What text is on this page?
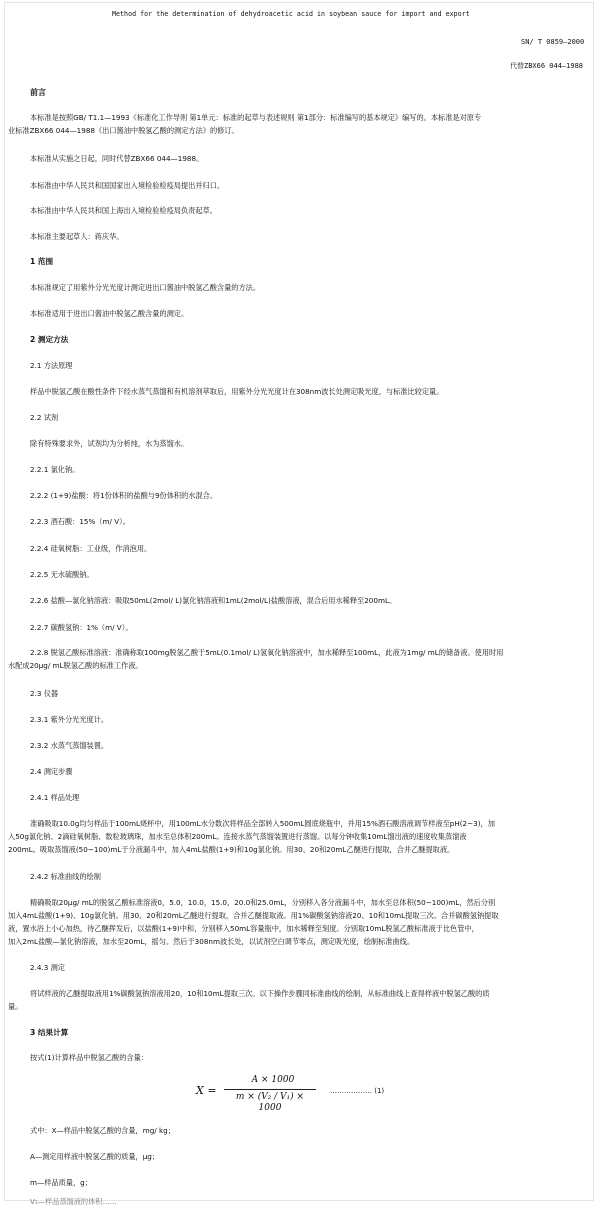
Method for the determination of dehydroacetic acid in soybean sauce for import and export
SN/ T 0859—2000
代替ZBX66 044—1988
前言
本标准是按照GB/ T1.1—1993《标准化工作导则 第1单元：标准的起草与表述规则 第1部分：标准编写的基本规定》编写的。本标准是对原专
业标准ZBX66 044—1988《出口酱油中脱氢乙酸的测定方法》的修订。
本标准从实施之日起，同时代替ZBX66 044—1988。
本标准由中华人民共和国国家出入境检验检疫局提出并归口。
本标准由中华人民共和国上海出入境检验检疫局负责起草。
本标准主要起草人：蒋庆华。
1 范围
本标准规定了用紫外分光光度计测定进出口酱油中脱氢乙酸含量的方法。
本标准适用于进出口酱油中脱氢乙酸含量的测定。
2 测定方法
2.1 方法原理
样品中脱氢乙酸在酸性条件下经水蒸气蒸馏和有机溶剂萃取后，用紫外分光光度计在308nm波长处测定吸光度，与标准比较定量。
2.2 试剂
除有特殊要求外，试剂均为分析纯，水为蒸馏水。
2.2.1 氯化钠。
2.2.2 (1+9)盐酸：将1份体积的盐酸与9份体积的水混合。
2.2.3 酒石酸：15%（m/ V）。
2.2.4 硅氧树脂：工业级，作消泡用。
2.2.5 无水硫酸钠。
2.2.6 盐酸—氯化钠溶液：吸取50mL(2mol/ L)氯化钠溶液和1mL(2mol/L)盐酸溶液，混合后用水稀释至200mL。
2.2.7 碳酸氢钠：1%（m/ V）。
2.2.8 脱氢乙酸标准溶液：准确称取100mg脱氢乙酸于5mL(0.1mol/ L)氢氧化钠溶液中，加水稀释至100mL，此液为1mg/ mL的储备液。使用时用
水配成20μg/ mL脱氢乙酸的标准工作液。
2.3 仪器
2.3.1 紫外分光光度计。
2.3.2 水蒸气蒸馏装置。
2.4 测定步骤
2.4.1 样品处理
准确吸取10.0g均匀样品于100mL烧杯中，用100mL水分数次将样品全部转入500mL圆底烧瓶中，并用15%酒石酸溶液调节样液至pH(2~3)，加
入50g氯化钠、2滴硅氧树脂、数粒玻璃珠，加水至总体积200mL。连接水蒸气蒸馏装置进行蒸馏。以每分钟收集10mL馏出液的速度收集蒸馏液
200mL。吸取蒸馏液(50~100)mL于分液漏斗中，加入4mL盐酸(1+9)和10g氯化钠。用30、20和20mL乙醚进行提取，合并乙醚提取液。
2.4.2 标准曲线的绘制
精确吸取20μg/ mL的脱氢乙酸标准溶液0，5.0，10.0，15.0，20.0和25.0mL，分别移入各分液漏斗中，加水至总体积(50~100)mL，然后分别
加入4mL盐酸(1+9)、10g氯化钠。用30、20和20mL乙醚进行提取，合并乙醚提取液。用1%碳酸氢钠溶液20、10和10mL提取三次。合并碳酸氢钠提取
液，置水浴上小心加热，待乙醚挥发后，以盐酸(1+9)中和，分别移入50mL容量瓶中，加水稀释至刻度。分别取10mL脱氢乙酸标准液于比色管中，
加入2mL盐酸—氯化钠溶液，加水至20mL，摇匀。然后于308nm波长处，以试剂空白调节零点，测定吸光度，绘制标准曲线。
2.4.3 测定
将试样液的乙醚提取液用1%碳酸氢钠溶液用20，10和10mL提取三次。以下操作步骤同标准曲线的绘制，从标准曲线上查得样液中脱氢乙酸的质
量。
3 结果计算
按式(1)计算样品中脱氢乙酸的含量：
X =
A × 1000
m × (V₂ / V₁) × 1000
……………… (1)
式中：X—样品中脱氢乙酸的含量，mg/ kg；
A—测定用样液中脱氢乙酸的质量，μg；
m—样品质量，g；
V₁—样品蒸馏液的体积……
